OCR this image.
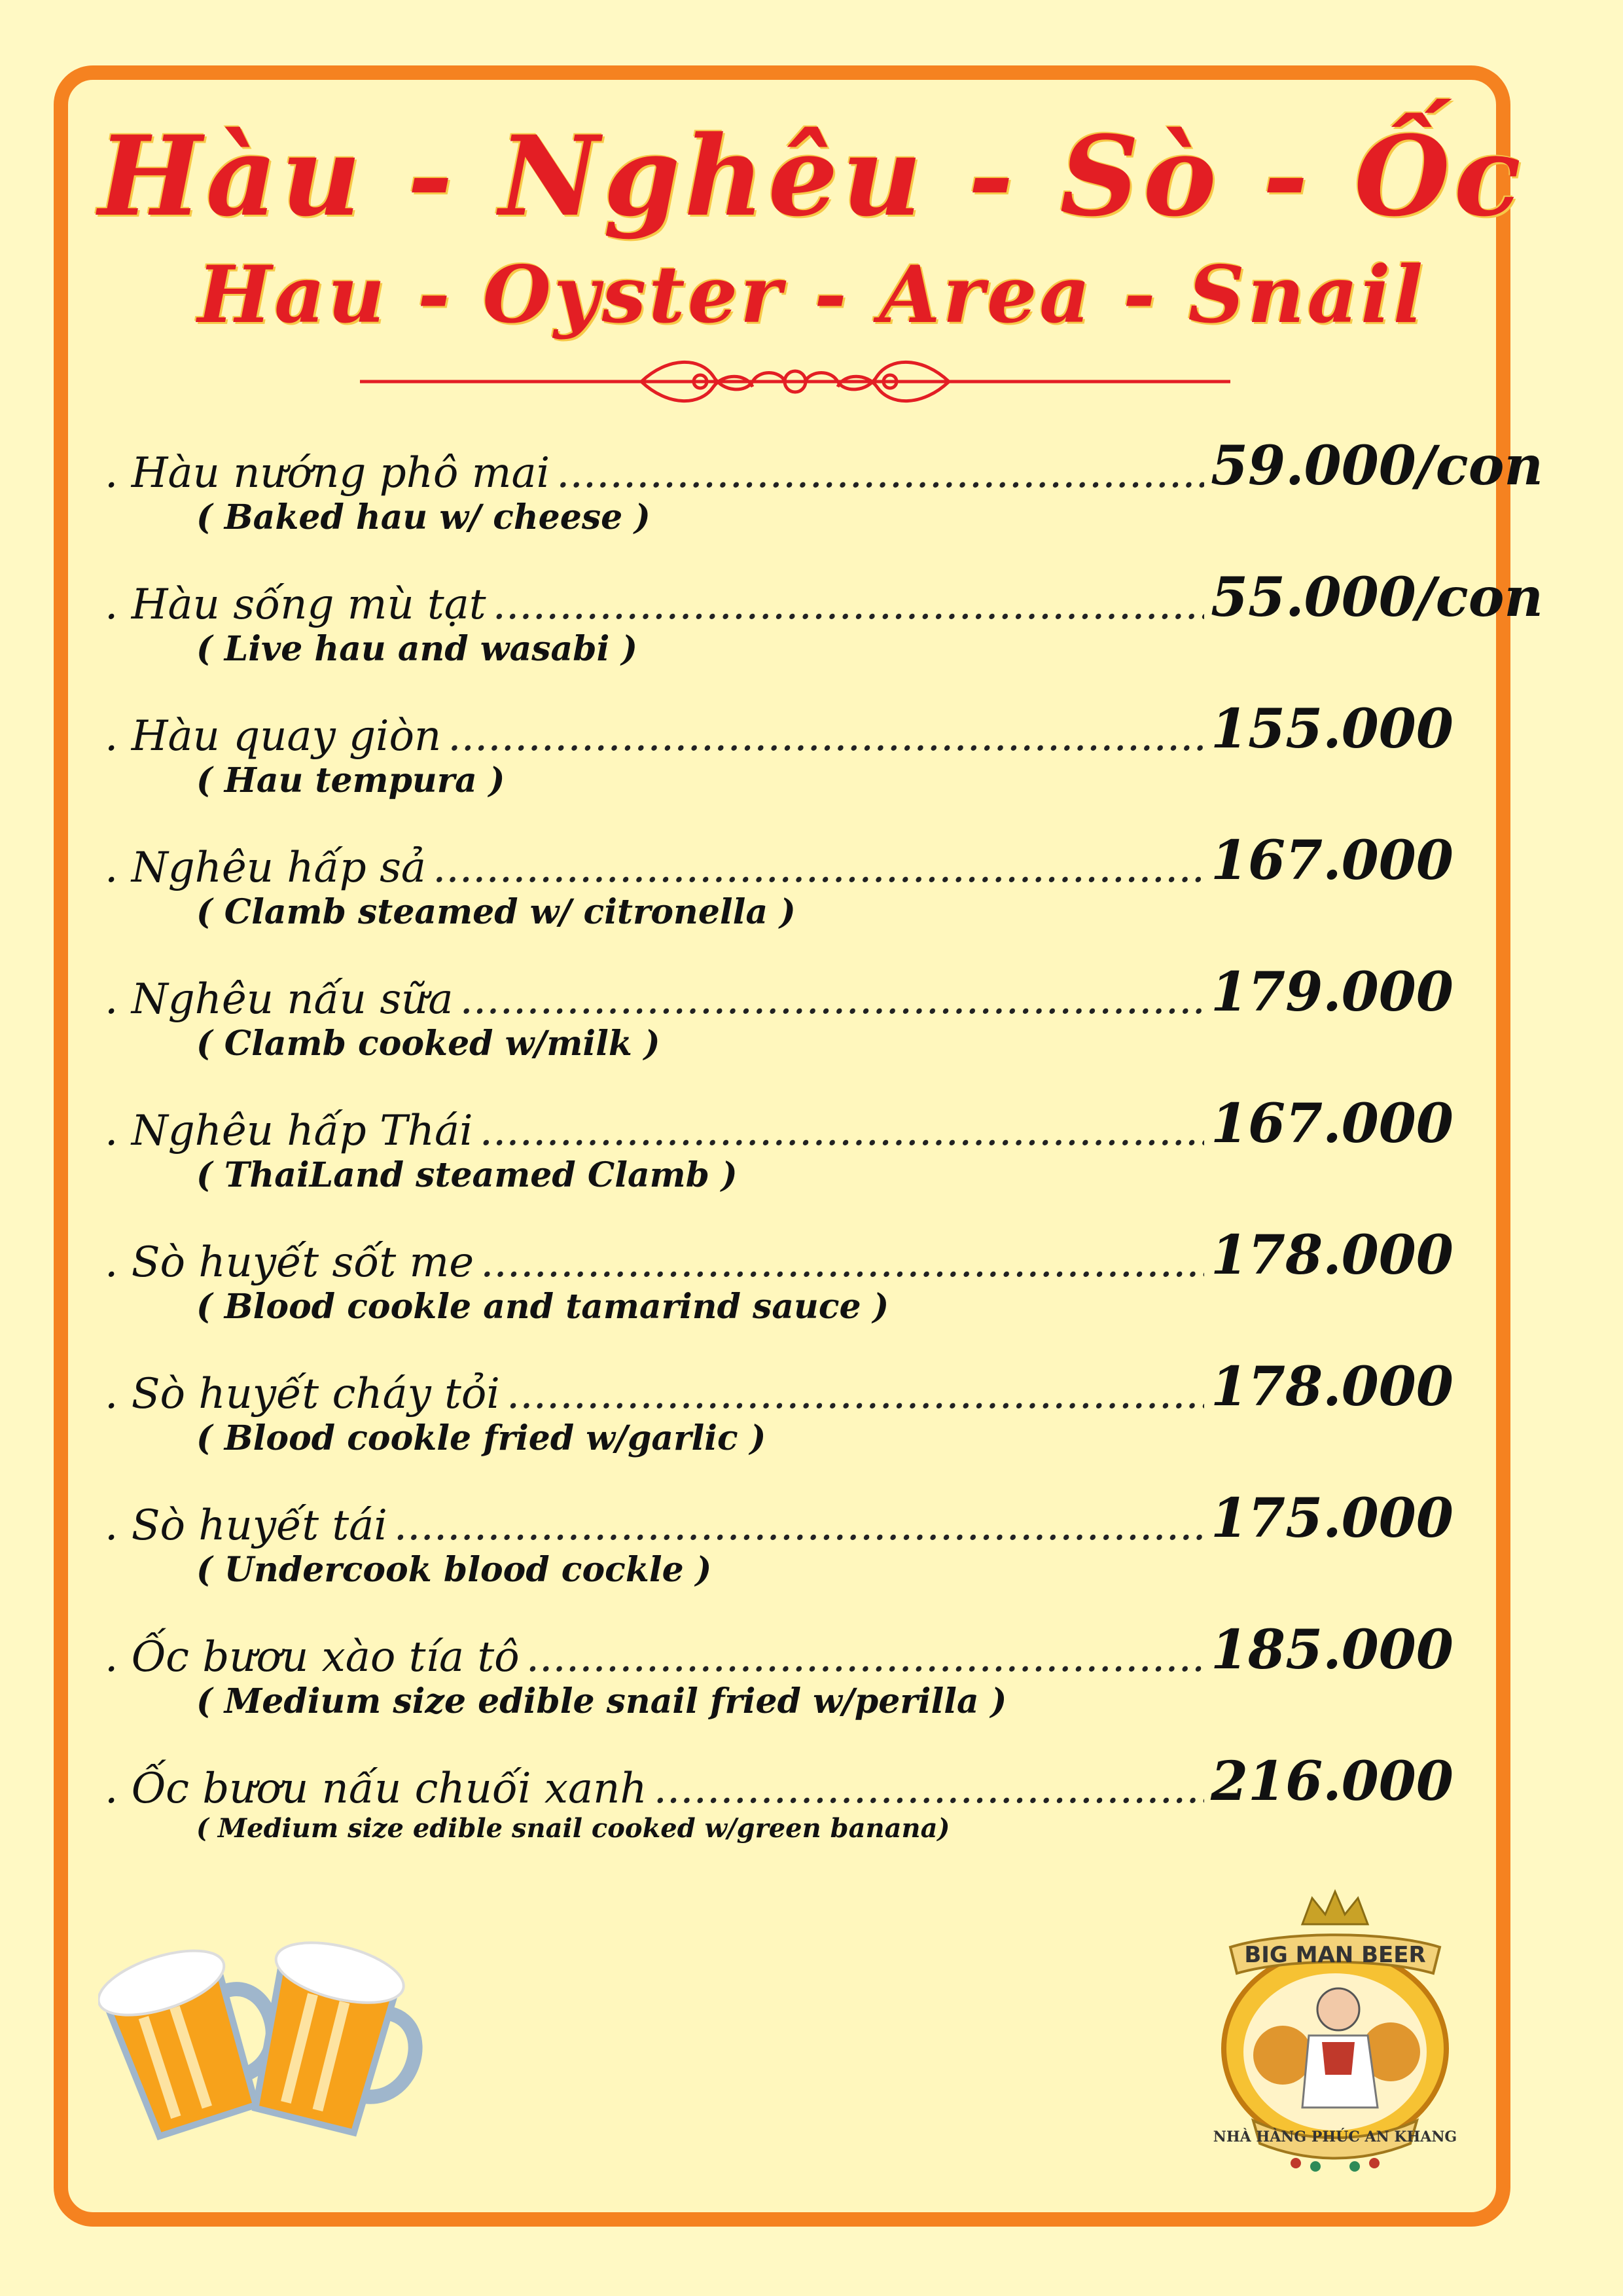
Hàu - Nghêu - Sò - Ốc
Hau - Oyster - Area - Snail
. Hàu nướng phô mai .....	59.000/con
( Baked hau w/ cheese )
. Hàu sống mù tạt .....	55.000/con
( Live hau and wasabi )
. Hàu quay giòn .....	155.000
( Hau tempura )
. Nghêu hấp sả .....	167.000
( Clamb steamed w/ citronella )
. Nghêu nấu sữa .....	179.000
( Clamb cooked w/milk )
. Nghêu hấp Thái .....	167.000
( ThaiLand steamed Clamb )
. Sò huyết sốt me .....	178.000
( Blood cookle and tamarind sauce )
. Sò huyết cháy tỏi .....	178.000
( Blood cookle fried w/garlic )
. Sò huyết tái .....	175.000
( Undercook blood cockle )
. Ốc bươu xào tía tô .....	185.000
( Medium size edible snail fried w/perilla )
. Ốc bươu nấu chuối xanh .....	216.000
( Medium size edible snail cooked w/green banana)
BIG MAN BEER
NHÀ HÀNG PHÚC AN KHANG
